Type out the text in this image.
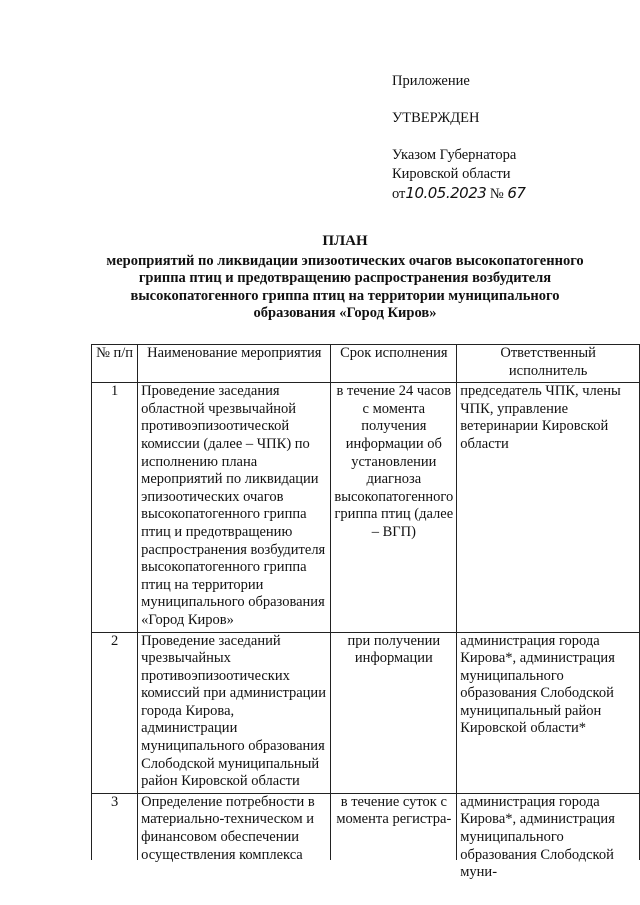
Приложение
УТВЕРЖДЕН
Указом Губернатора
Кировской области
от10.05.2023 № 67
ПЛАН
мероприятий по ликвидации эпизоотических очагов высокопатогенного
гриппа птиц и предотвращению распространения возбудителя
высокопатогенного гриппа птиц на территории муниципального
образования «Город Киров»
№ п/п	Наименование мероприятия	Срок исполнения	Ответственный исполнитель
1	Проведение заседания областной чрезвычайной противоэпизоотической комиссии (далее – ЧПК) по исполнению плана мероприятий по ликвидации эпизоотических очагов высокопатогенного гриппа птиц и предотвращению распространения возбудителя высокопатогенного гриппа птиц на территории муниципального образования «Город Киров»	в течение 24 часов с момента получения информации об установлении диагноза высокопатогенного гриппа птиц (далее – ВГП)	председатель ЧПК, члены ЧПК, управление ветеринарии Кировской области
2	Проведение заседаний чрезвычайных противоэпизоотических комиссий при администрации города Кирова, администрации муниципального образования Слободской муниципальный район Кировской области	при получении информации	администрация города Кирова*, администрация муниципального образования Слободской муниципальный район Кировской области*
3	Определение потребности в материально-техническом и финансовом обеспечении осуществления комплекса	в течение суток с момента регистра-	администрация города Кирова*, администрация муниципального образования Слободской муни-
